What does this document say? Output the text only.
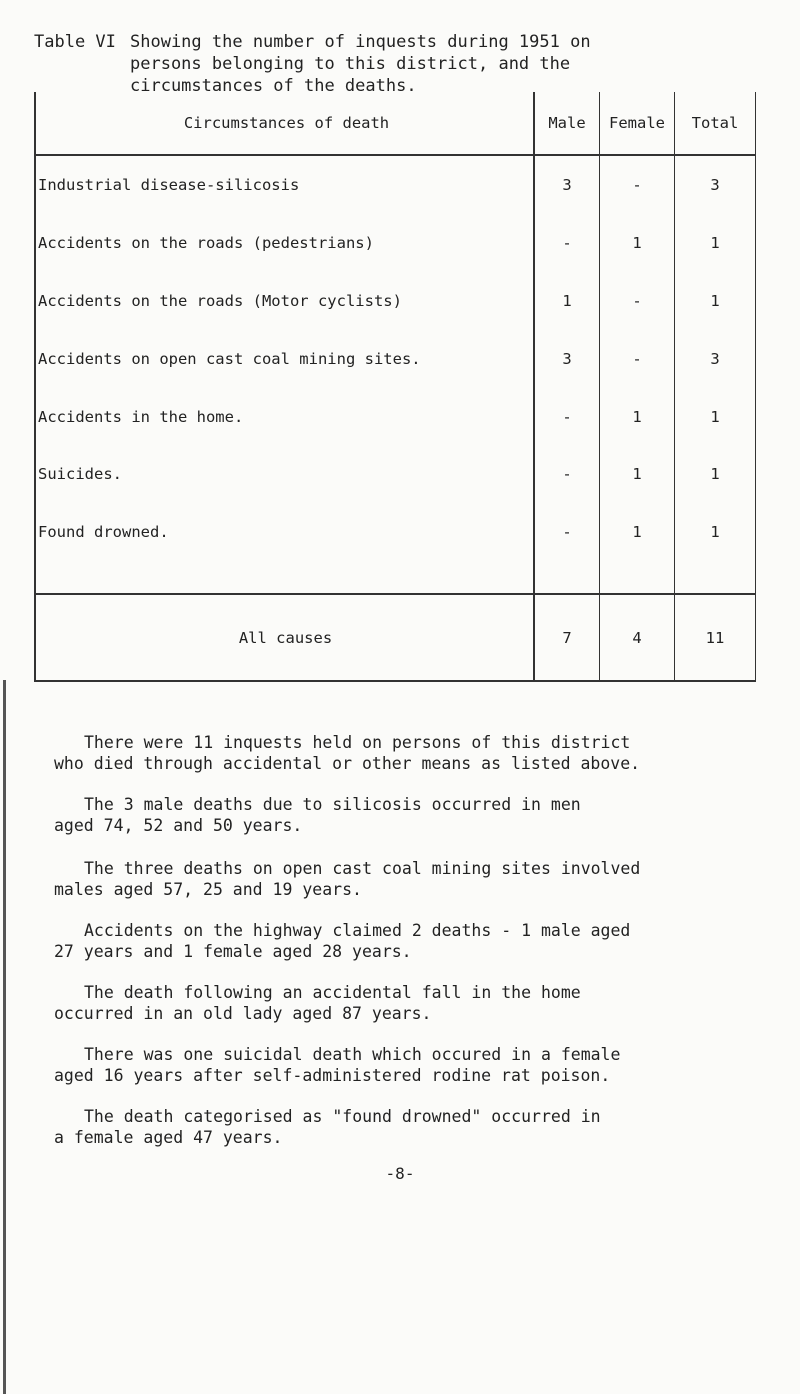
Table VI Showing the number of inquests during 1951 on
persons belonging to this district, and the
circumstances of the deaths.
Circumstances of death	Male	Female	Total
Industrial disease-silicosis	3	-	3
Accidents on the roads (pedestrians)	-	1	1
Accidents on the roads (Motor cyclists)	1	-	1
Accidents on open cast coal mining sites.	3	-	3
Accidents in the home.	-	1	1
Suicides.	-	1	1
Found drowned.	-	1	1

All causes	7	4	11
There were 11 inquests held on persons of this district
who died through accidental or other means as listed above.
The 3 male deaths due to silicosis occurred in men
aged 74, 52 and 50 years.
The three deaths on open cast coal mining sites involved
males aged 57, 25 and 19 years.
Accidents on the highway claimed 2 deaths - 1 male aged
27 years and 1 female aged 28 years.
The death following an accidental fall in the home
occurred in an old lady aged 87 years.
There was one suicidal death which occured in a female
aged 16 years after self-administered rodine rat poison.
The death categorised as "found drowned" occurred in
a female aged 47 years.
-8-
